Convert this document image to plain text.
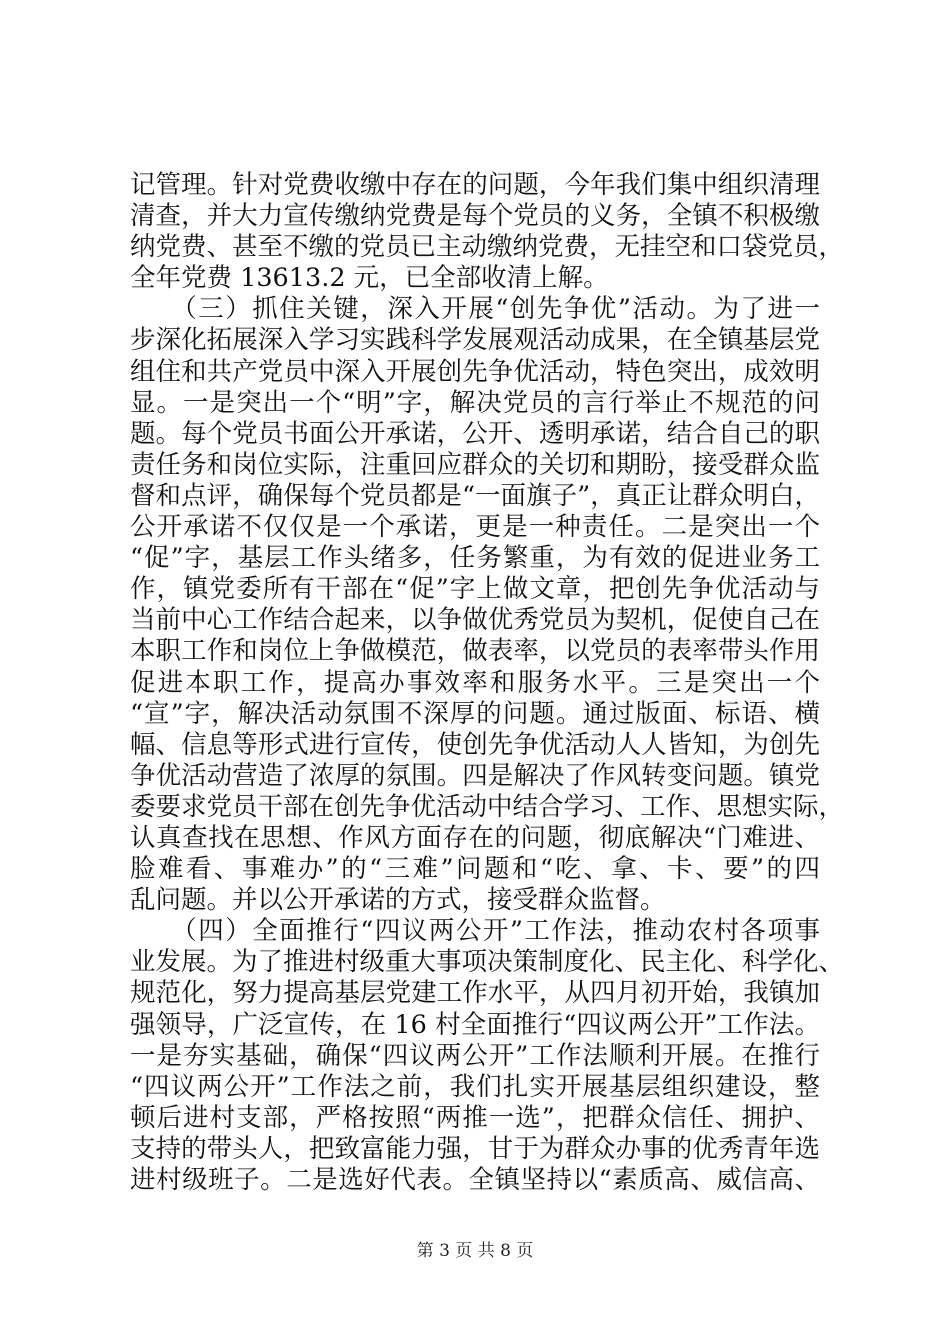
记管理。针对党费收缴中存在的问题，今年我们集中组织清理
清查，并大力宣传缴纳党费是每个党员的义务，全镇不积极缴
纳党费、甚至不缴的党员已主动缴纳党费，无挂空和口袋党员，
全年党费 13613.2 元，已全部收清上解。
　　（三）抓住关键，深入开展“创先争优”活动。为了进一
步深化拓展深入学习实践科学发展观活动成果，在全镇基层党
组住和共产党员中深入开展创先争优活动，特色突出，成效明
显。一是突出一个“明”字，解决党员的言行举止不规范的问
题。每个党员书面公开承诺，公开、透明承诺，结合自己的职
责任务和岗位实际，注重回应群众的关切和期盼，接受群众监
督和点评，确保每个党员都是“一面旗子”，真正让群众明白，
公开承诺不仅仅是一个承诺，更是一种责任。二是突出一个
“促”字，基层工作头绪多，任务繁重，为有效的促进业务工
作，镇党委所有干部在“促”字上做文章，把创先争优活动与
当前中心工作结合起来，以争做优秀党员为契机，促使自己在
本职工作和岗位上争做模范，做表率，以党员的表率带头作用
促进本职工作，提高办事效率和服务水平。三是突出一个
“宣”字，解决活动氛围不深厚的问题。通过版面、标语、横
幅、信息等形式进行宣传，使创先争优活动人人皆知，为创先
争优活动营造了浓厚的氛围。四是解决了作风转变问题。镇党
委要求党员干部在创先争优活动中结合学习、工作、思想实际，
认真查找在思想、作风方面存在的问题，彻底解决“门难进、
脸难看、事难办”的“三难”问题和“吃、拿、卡、要”的四
乱问题。并以公开承诺的方式，接受群众监督。
　　（四）全面推行“四议两公开”工作法，推动农村各项事
业发展。为了推进村级重大事项决策制度化、民主化、科学化、
规范化，努力提高基层党建工作水平，从四月初开始，我镇加
强领导，广泛宣传，在 16 村全面推行“四议两公开”工作法。
一是夯实基础，确保“四议两公开”工作法顺利开展。在推行
“四议两公开”工作法之前，我们扎实开展基层组织建设，整
顿后进村支部，严格按照“两推一选”，把群众信任、拥护、
支持的带头人，把致富能力强，甘于为群众办事的优秀青年选
进村级班子。二是选好代表。全镇坚持以“素质高、威信高、
第 3 页 共 8 页
